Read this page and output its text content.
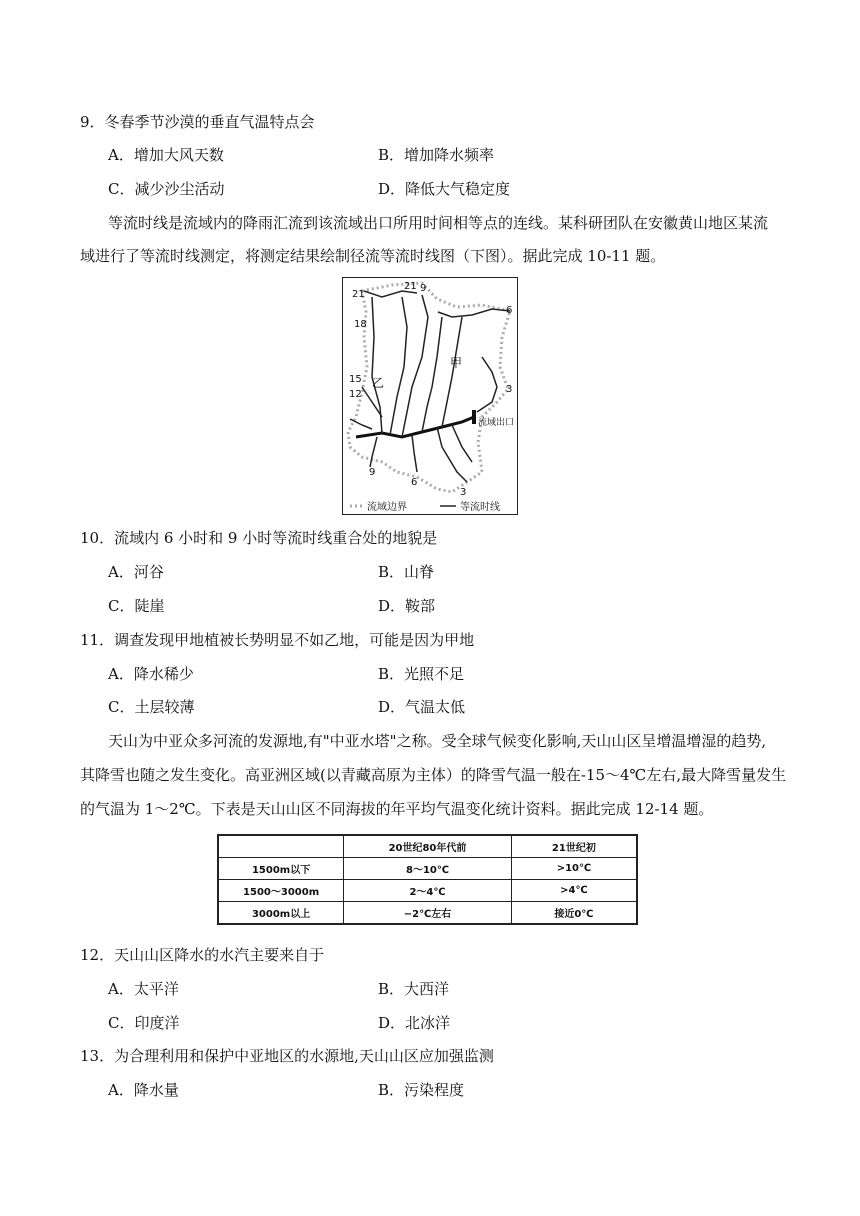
9．冬春季节沙漠的垂直气温特点会
A．增加大风天数	B．增加降水频率
C．减少沙尘活动	D．降低大气稳定度
等流时线是流域内的降雨汇流到该流域出口所用时间相等点的连线。某科研团队在安徽黄山地区某流
域进行了等流时线测定，将测定结果绘制径流等流时线图（下图）。据此完成 10-11 题。
21
21 9
18
6
甲
15 乙
12	3
流域出口
9
6
3
流域边界	等流时线
10．流域内 6 小时和 9 小时等流时线重合处的地貌是
A．河谷	B．山脊
C．陡崖	D．鞍部
11．调查发现甲地植被长势明显不如乙地，可能是因为甲地
A．降水稀少	B．光照不足
C．土层较薄	D．气温太低
天山为中亚众多河流的发源地,有"中亚水塔"之称。受全球气候变化影响,天山山区呈增温增湿的趋势,
其降雪也随之发生变化。高亚洲区域(以青藏高原为主体）的降雪气温一般在-15～4℃左右,最大降雪量发生
的气温为 1～2℃。下表是天山山区不同海拔的年平均气温变化统计资料。据此完成 12-14 题。
	20世纪80年代前	21世纪初
1500m以下	8～10℃	>10℃
1500～3000m	2～4℃	>4℃
3000m以上	−2℃左右	接近0℃
12．天山山区降水的水汽主要来自于
A．太平洋	B．大西洋
C．印度洋	D．北冰洋
13．为合理利用和保护中亚地区的水源地,天山山区应加强监测
A．降水量	B．污染程度
